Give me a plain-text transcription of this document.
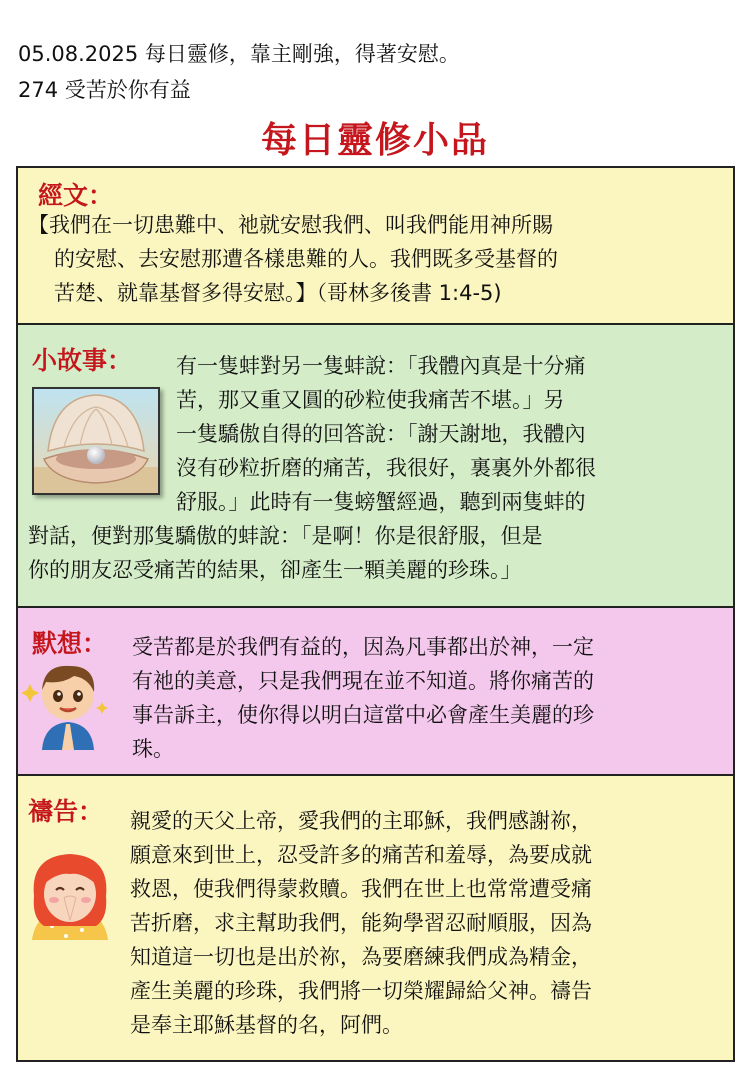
05.08.2025 每日靈修，靠主剛強，得著安慰。
274 受苦於你有益
每日靈修小品
經文：
【我們在一切患難中、祂就安慰我們、叫我們能用神所賜
的安慰、去安慰那遭各樣患難的人。我們既多受基督的
苦楚、就靠基督多得安慰。】（哥林多後書 1:4-5)
小故事： 有一隻蚌對另一隻蚌說：「我體內真是十分痛
苦，那又重又圓的砂粒使我痛苦不堪。」另
一隻驕傲自得的回答說：「謝天謝地，我體內
沒有砂粒折磨的痛苦，我很好，裏裏外外都很
舒服。」此時有一隻螃蟹經過，聽到兩隻蚌的
對話，便對那隻驕傲的蚌說：「是啊！你是很舒服，但是
你的朋友忍受痛苦的結果，卻產生一顆美麗的珍珠。」
默想： 受苦都是於我們有益的，因為凡事都出於神，一定
有祂的美意，只是我們現在並不知道。將你痛苦的
事告訴主，使你得以明白這當中必會產生美麗的珍
珠。
禱告： 親愛的天父上帝，愛我們的主耶穌，我們感謝祢，
願意來到世上，忍受許多的痛苦和羞辱，為要成就
救恩，使我們得蒙救贖。我們在世上也常常遭受痛
苦折磨，求主幫助我們，能夠學習忍耐順服，因為
知道這一切也是出於祢，為要磨練我們成為精金，
產生美麗的珍珠，我們將一切榮耀歸給父神。禱告
是奉主耶穌基督的名，阿們。
